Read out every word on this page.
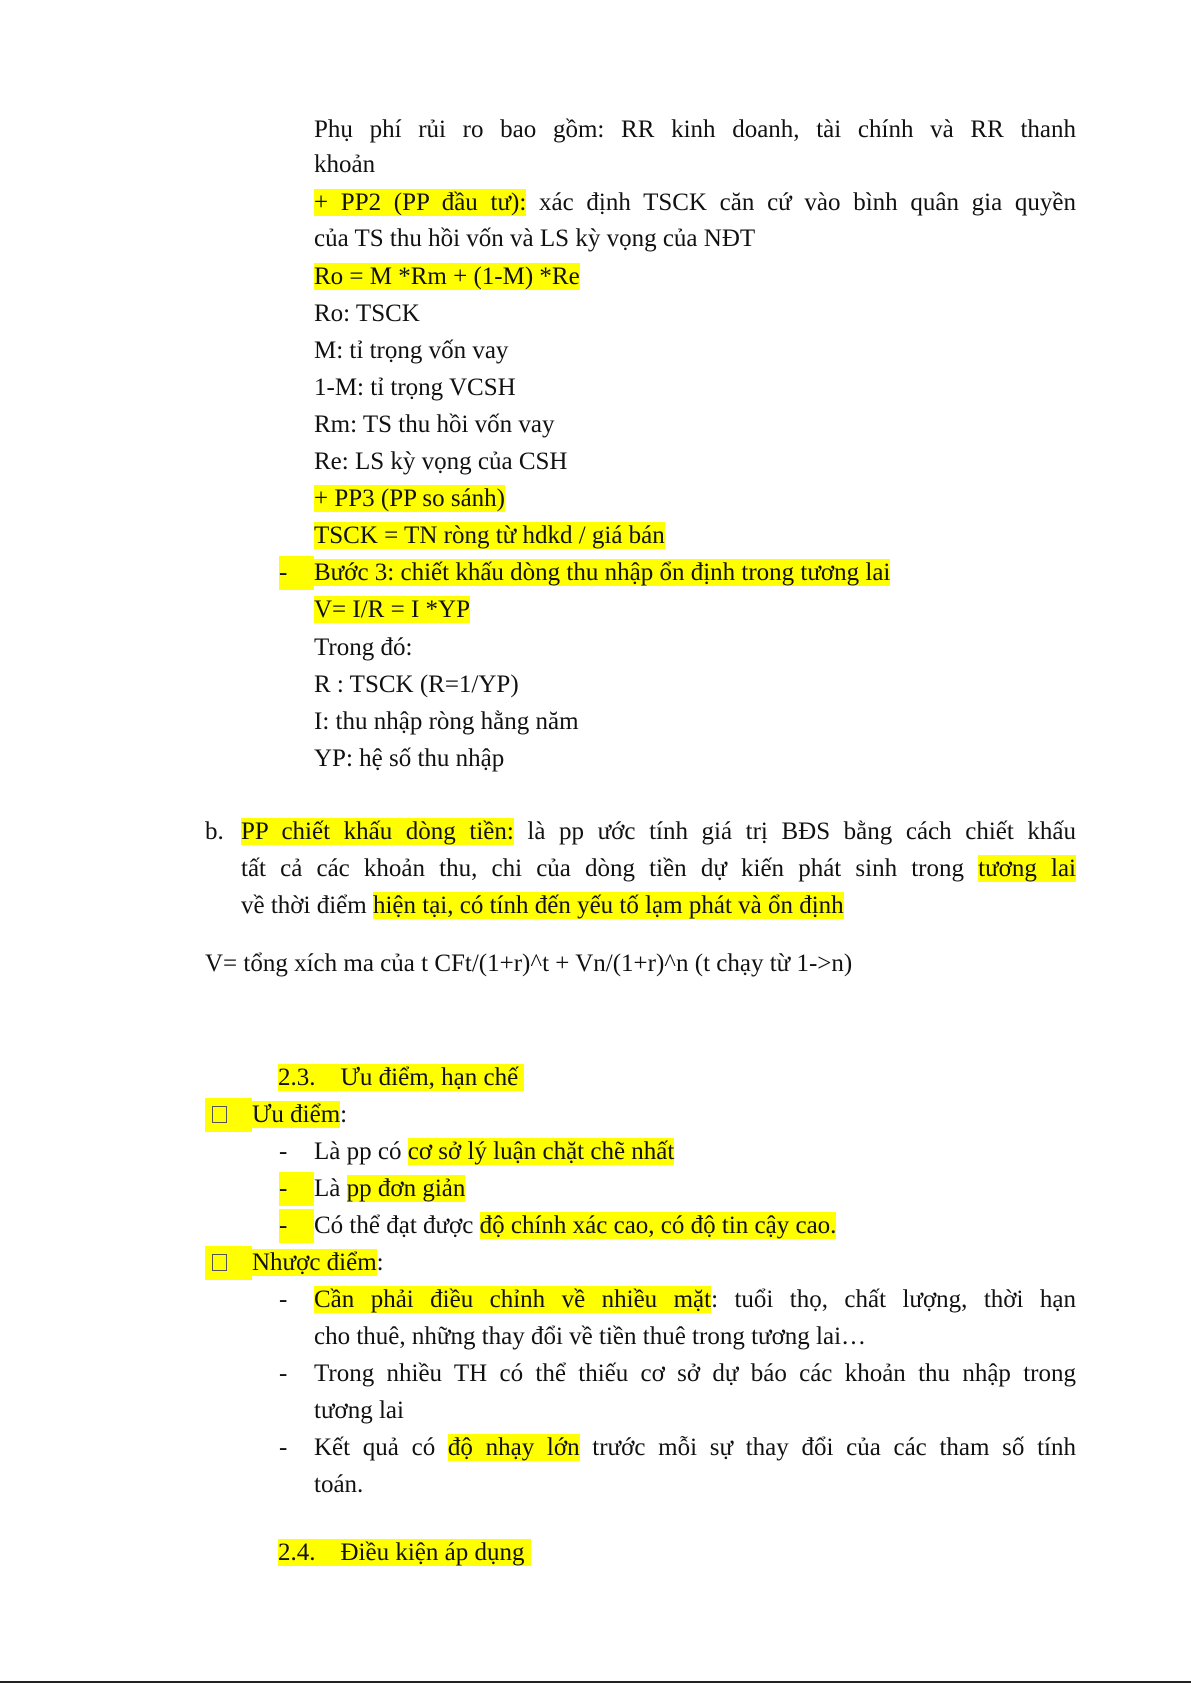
Phụ phí rủi ro bao gồm: RR kinh doanh, tài chính và RR thanh
khoản
+ PP2 (PP đầu tư): xác định TSCK căn cứ vào bình quân gia quyền
của TS thu hồi vốn và LS kỳ vọng của NĐT
Ro = M *Rm + (1-M) *Re
Ro: TSCK
M: tỉ trọng vốn vay
1-M: tỉ trọng VCSH
Rm: TS thu hồi vốn vay
Re: LS kỳ vọng của CSH
+ PP3 (PP so sánh)
TSCK = TN ròng từ hdkd / giá bán
- Bước 3: chiết khấu dòng thu nhập ổn định trong tương lai
V= I/R = I *YP
Trong đó:
R : TSCK (R=1/YP)
I: thu nhập ròng hằng năm
YP: hệ số thu nhập
b. PP chiết khấu dòng tiền: là pp ước tính giá trị BĐS bằng cách chiết khấu
tất cả các khoản thu, chi của dòng tiền dự kiến phát sinh trong tương lai
về thời điểm hiện tại, có tính đến yếu tố lạm phát và ổn định
V= tổng xích ma của t CFt/(1+r)^t + Vn/(1+r)^n (t chạy từ 1->n)
2.3.    Ưu điểm, hạn chế
Ưu điểm:
- Là pp có cơ sở lý luận chặt chẽ nhất
- Là pp đơn giản
- Có thể đạt được độ chính xác cao, có độ tin cậy cao.
Nhược điểm:
- Cần phải điều chỉnh về nhiều mặt: tuổi thọ, chất lượng, thời hạn
cho thuê, những thay đổi về tiền thuê trong tương lai…
- Trong nhiều TH có thể thiếu cơ sở dự báo các khoản thu nhập trong
tương lai
- Kết quả có độ nhạy lớn trước mỗi sự thay đổi của các tham số tính
toán.
2.4.    Điều kiện áp dụng
